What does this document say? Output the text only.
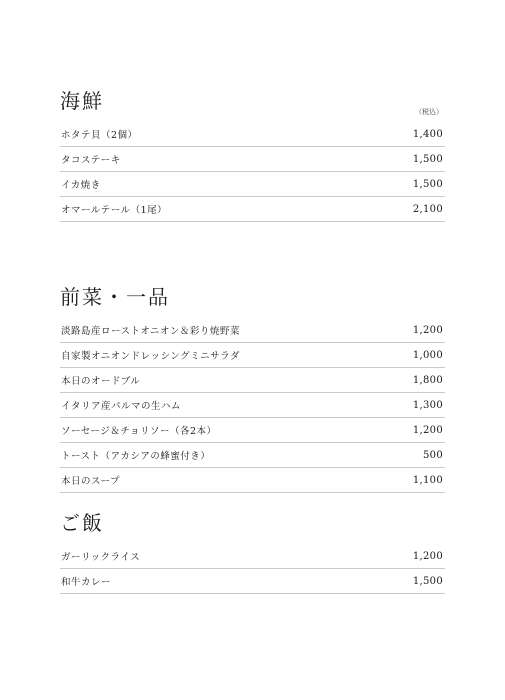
海鮮	（税込）
ホタテ貝（2個）	1,400
タコステーキ	1,500
イカ焼き	1,500
オマールテール（1尾）	2,100
前菜・一品
淡路島産ローストオニオン＆彩り焼野菜	1,200
自家製オニオンドレッシングミニサラダ	1,000
本日のオードブル	1,800
イタリア産パルマの生ハム	1,300
ソーセージ＆チョリソー（各2本）	1,200
トースト（アカシアの蜂蜜付き）	500
本日のスープ	1,100
ご飯
ガーリックライス	1,200
和牛カレー	1,500
